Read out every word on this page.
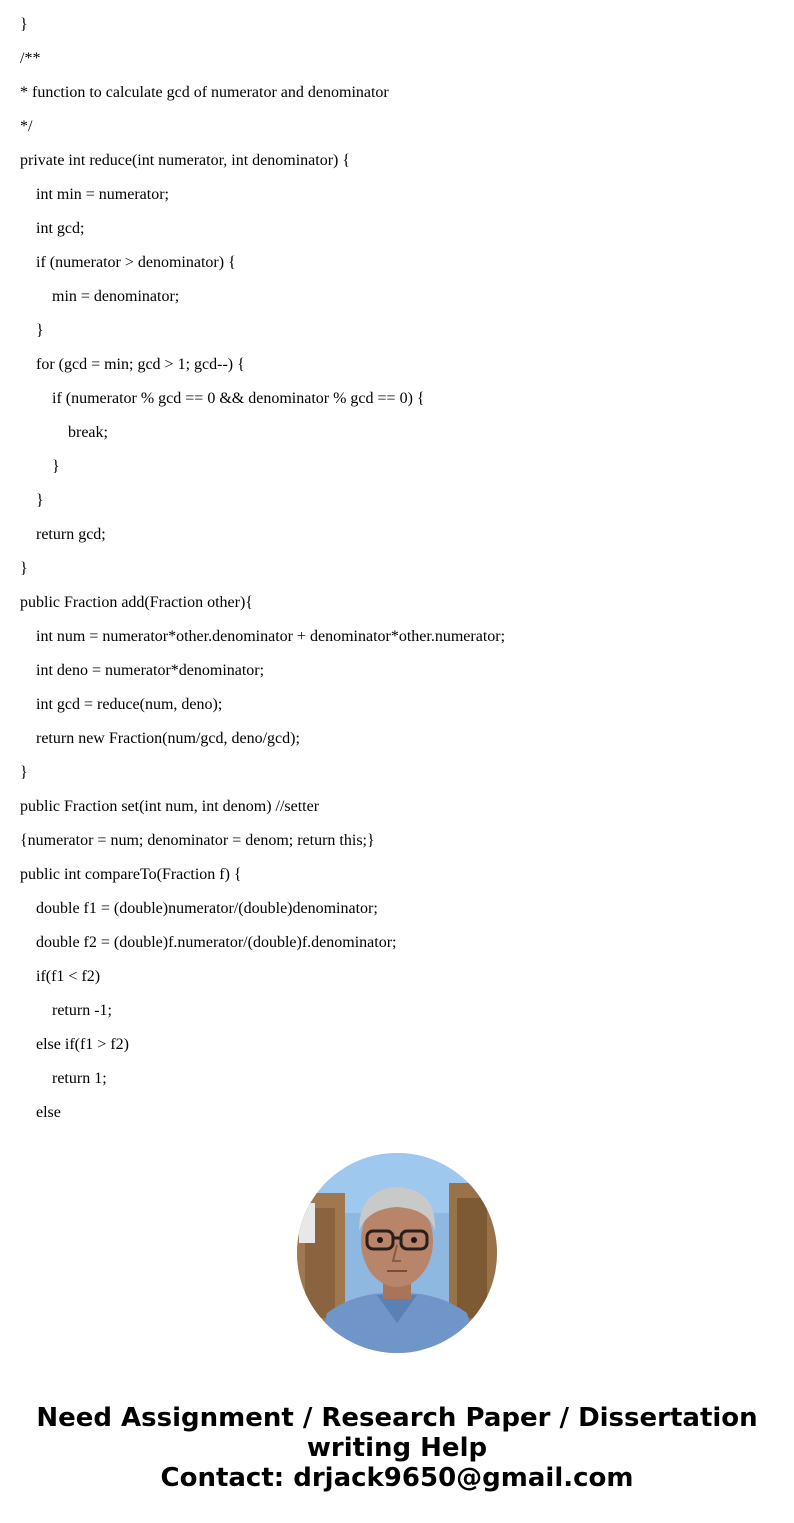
}
/**
* function to calculate gcd of numerator and denominator
*/
private int reduce(int numerator, int denominator) {
int min = numerator;
int gcd;
if (numerator > denominator) {
min = denominator;
}
for (gcd = min; gcd > 1; gcd--) {
if (numerator % gcd == 0 && denominator % gcd == 0) {
break;
}
}
return gcd;
}
public Fraction add(Fraction other){
int num = numerator*other.denominator + denominator*other.numerator;
int deno = numerator*denominator;
int gcd = reduce(num, deno);
return new Fraction(num/gcd, deno/gcd);
}
public Fraction set(int num, int denom) //setter
{numerator = num; denominator = denom; return this;}
public int compareTo(Fraction f) {
double f1 = (double)numerator/(double)denominator;
double f2 = (double)f.numerator/(double)f.denominator;
if(f1 < f2)
return -1;
else if(f1 > f2)
return 1;
else
Need Assignment / Research Paper / Dissertation
writing Help
Contact: drjack9650@gmail.com
